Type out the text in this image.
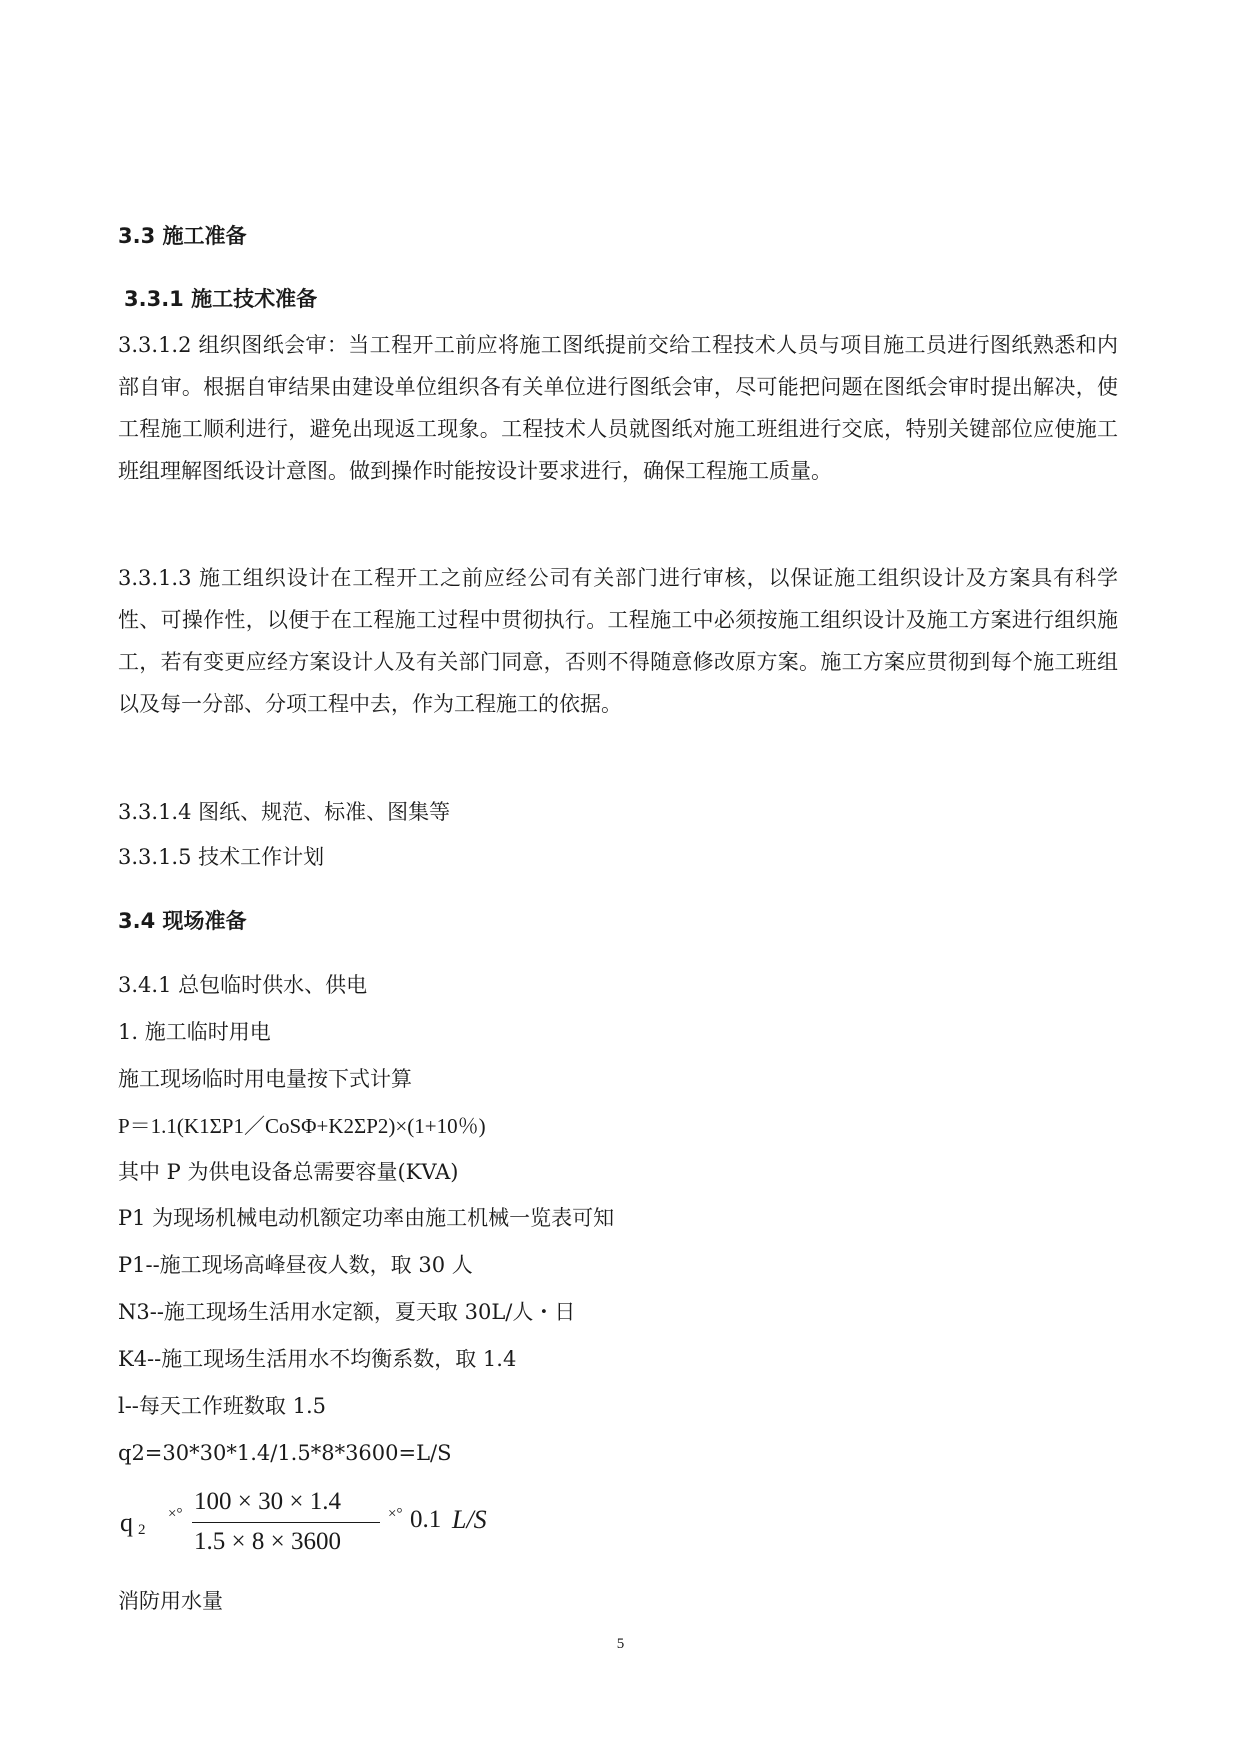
3.3 施工准备
3.3.1 施工技术准备

3.3.1.2 组织图纸会审：当工程开工前应将施工图纸提前交给工程技术人员与项目施工员进行图纸熟悉和内部自审。根据自审结果由建设单位组织各有关单位进行图纸会审，尽可能把问题在图纸会审时提出解决，使工程施工顺利进行，避免出现返工现象。工程技术人员就图纸对施工班组进行交底，特别关键部位应使施工班组理解图纸设计意图。做到操作时能按设计要求进行，确保工程施工质量。

3.3.1.3 施工组织设计在工程开工之前应经公司有关部门进行审核，以保证施工组织设计及方案具有科学性、可操作性，以便于在工程施工过程中贯彻执行。工程施工中必须按施工组织设计及施工方案进行组织施工，若有变更应经方案设计人及有关部门同意，否则不得随意修改原方案。施工方案应贯彻到每个施工班组以及每一分部、分项工程中去，作为工程施工的依据。

3.3.1.4 图纸、规范、标准、图集等

3.3.1.5 技术工作计划

3.4 现场准备

3.4.1 总包临时供水、供电

1. 施工临时用电

施工现场临时用电量按下式计算

P＝1.1(K1ΣP1／CoSΦ+K2ΣP2)×(1+10％)

其中 P 为供电设备总需要容量(KVA)

P1 为现场机械电动机额定功率由施工机械一览表可知

P1--施工现场高峰昼夜人数，取 30 人

N3--施工现场生活用水定额，夏天取 30L/人・日

K4--施工现场生活用水不均衡系数，取 1.4

l--每天工作班数取 1.5

q2=30*30*1.4/1.5*8*3600=L/S

q 2
×° 100 × 30 × 1.4
1.5 × 8 × 3600
×° 0.1 L/S

消防用水量

5
